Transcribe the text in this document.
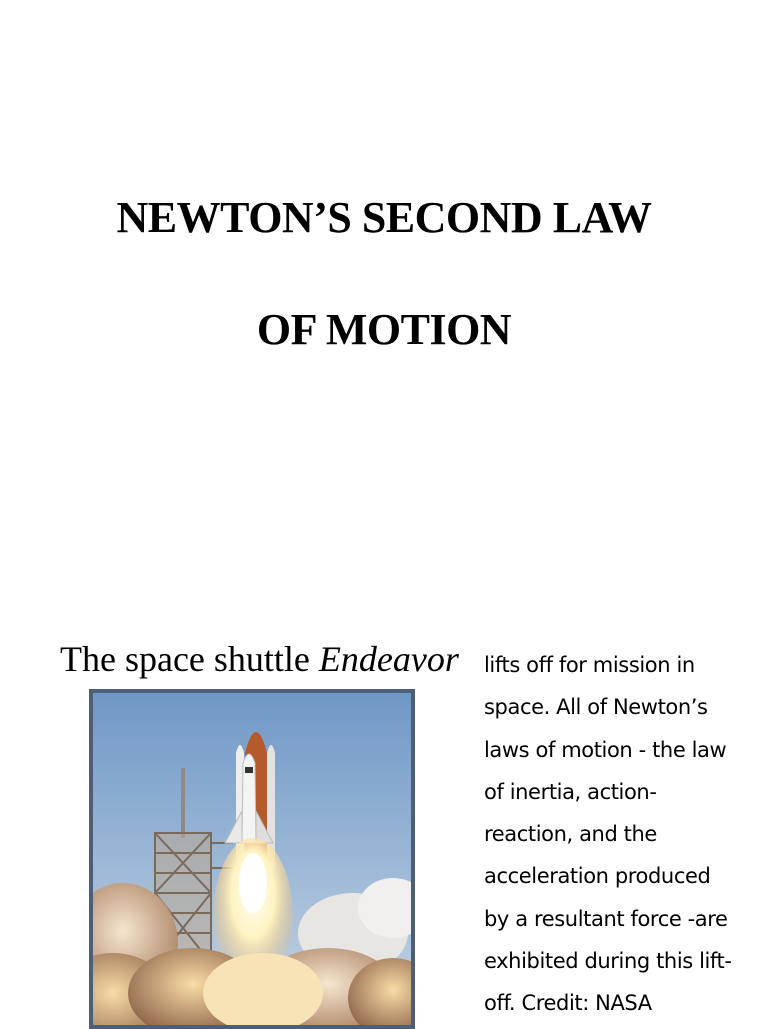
NEWTON’S SECOND LAW
OF MOTION

The space shuttle Endeavor lifts off for mission in
space. All of Newton’s
laws of motion - the law
of inertia, action-
reaction, and the
acceleration produced
by a resultant force -are
exhibited during this lift-
off. Credit: NASA
